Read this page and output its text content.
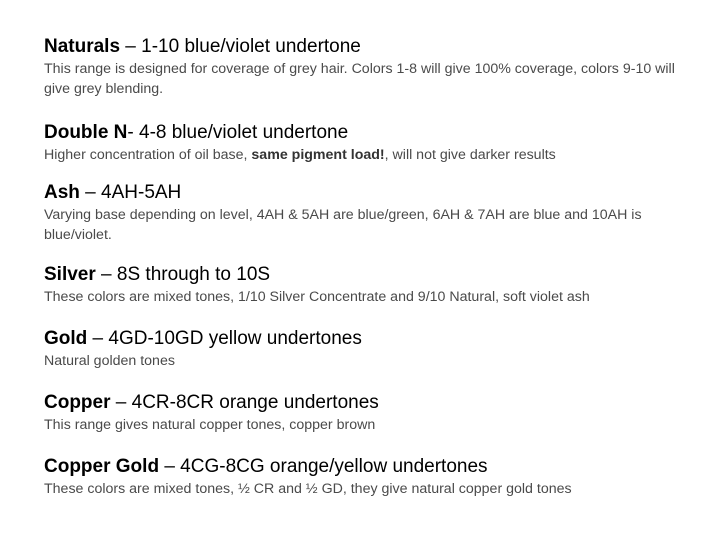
Naturals – 1-10 blue/violet undertone
This range is designed for coverage of grey hair. Colors 1-8 will give 100% coverage, colors 9-10 will give grey blending.
Double N- 4-8 blue/violet undertone
Higher concentration of oil base, same pigment load!, will not give darker results
Ash – 4AH-5AH
Varying base depending on level, 4AH & 5AH are blue/green, 6AH & 7AH are blue and 10AH is blue/violet.
Silver – 8S through to 10S
These colors are mixed tones, 1/10 Silver Concentrate and 9/10 Natural, soft violet ash
Gold – 4GD-10GD yellow undertones
Natural golden tones
Copper – 4CR-8CR orange undertones
This range gives natural copper tones, copper brown
Copper Gold – 4CG-8CG orange/yellow undertones
These colors are mixed tones, ½ CR and ½ GD, they give natural copper gold tones
